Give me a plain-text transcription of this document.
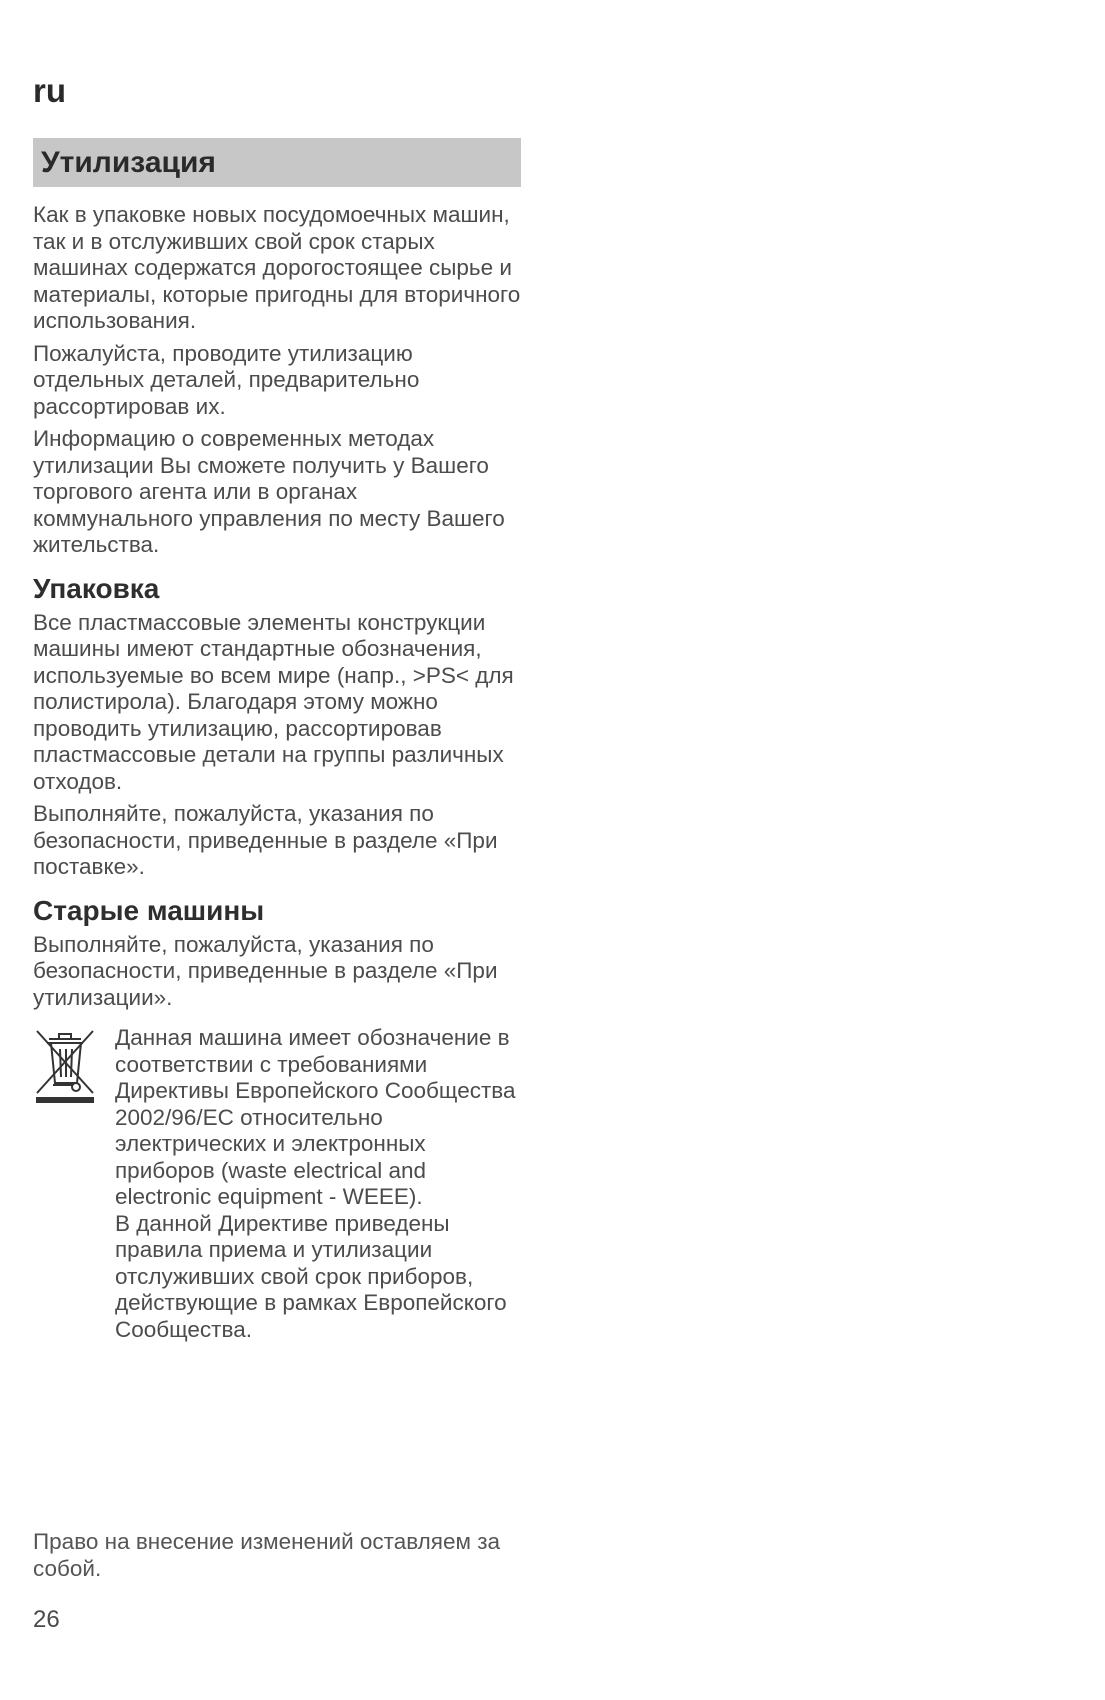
ru
Утилизация

Как в упаковке новых посудомоечных машин, так и в отслуживших свой срок старых машинах содержатся дорогостоящее сырье и материалы, которые пригодны для вторичного использования.

Пожалуйста, проводите утилизацию отдельных деталей, предварительно рассортировав их.

Информацию о современных методах утилизации Вы сможете получить у Вашего торгового агента или в органах коммунального управления по месту Вашего жительства.

Упаковка

Все пластмассовые элементы конструкции машины имеют стандартные обозначения, используемые во всем мире (напр., >PS< для полистирола). Благодаря этому можно проводить утилизацию, рассортировав пластмассовые детали на группы различных отходов.

Выполняйте, пожалуйста, указания по безопасности, приведенные в разделе «При поставке».

Старые машины

Выполняйте, пожалуйста, указания по безопасности, приведенные в разделе «При утилизации».

Данная машина имеет обозначение в соответствии с требованиями Директивы Европейского Сообщества 2002/96/EC относительно электрических и электронных приборов (waste electrical and electronic equipment - WEEE).

В данной Директиве приведены правила приема и утилизации отслуживших свой срок приборов, действующие в рамках Европейского Сообщества.

Право на внесение изменений оставляем за собой.

26
